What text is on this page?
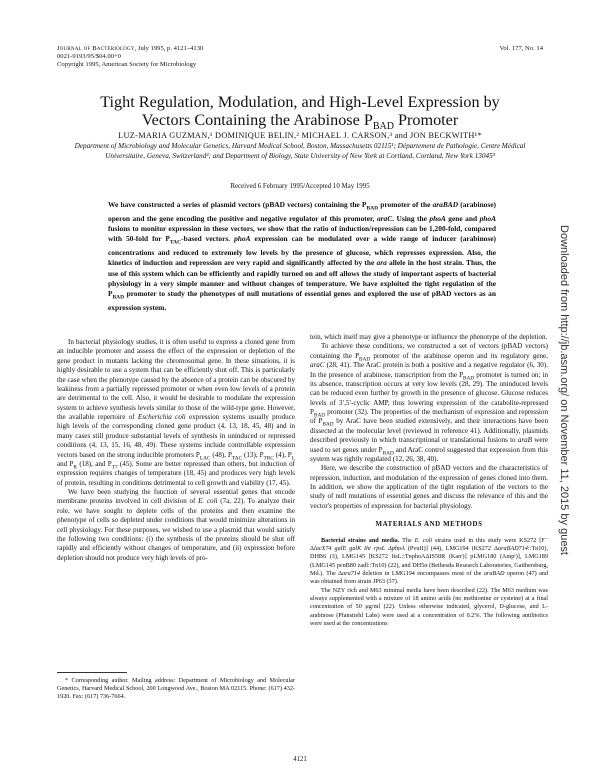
Journal of Bacteriology, July 1995, p. 4121–4130
0021-9193/95/$04.00+0
Copyright 1995, American Society for Microbiology
Vol. 177, No. 14
Tight Regulation, Modulation, and High-Level Expression by
Vectors Containing the Arabinose $P_{BAD}$ Promoter
LUZ-MARIA GUZMAN,¹ DOMINIQUE BELIN,² MICHAEL J. CARSON,³ and JON BECKWITH¹*
Department of Microbiology and Molecular Genetics, Harvard Medical School, Boston, Massachusetts 02115¹; Département de Pathologie, Centre Médical Universitaire, Geneva, Switzerland²; and Department of Biology, State University of New York at Cortland, Cortland, New York 13045³
Received 6 February 1995/Accepted 10 May 1995
We have constructed a series of plasmid vectors (pBAD vectors) containing the $P_{BAD}$ promoter of the araBAD (arabinose) operon and the gene encoding the positive and negative regulator of this promoter, araC. Using the phoA gene and phoA fusions to monitor expression in these vectors, we show that the ratio of induction/repression can be 1,200-fold, compared with 50-fold for $P_{TAC}$-based vectors. phoA expression can be modulated over a wide range of inducer (arabinose) concentrations and reduced to extremely low levels by the presence of glucose, which represses expression. Also, the kinetics of induction and repression are very rapid and significantly affected by the ara allele in the host strain. Thus, the use of this system which can be efficiently and rapidly turned on and off allows the study of important aspects of bacterial physiology in a very simple manner and without changes of temperature. We have exploited the tight regulation of the $P_{BAD}$ promoter to study the phenotypes of null mutations of essential genes and explored the use of pBAD vectors as an expression system.

In bacterial physiology studies, it is often useful to express a cloned gene from an inducible promoter and assess the effect of the expression or depletion of the gene product in mutants lacking the chromosomal gene. In these situations, it is highly desirable to use a system that can be efficiently shut off. This is particularly the case when the phenotype caused by the absence of a protein can be obscured by leakiness from a partially repressed promoter or when even low levels of a protein are detrimental to the cell. Also, it would be desirable to modulate the expression system to achieve synthesis levels similar to those of the wild-type gene. However, the available repertoire of Escherichia coli expression systems usually produce high levels of the corresponding cloned gene product (4, 13, 18, 45, 48) and in many cases still produce substantial levels of synthesis in uninduced or repressed conditions (4, 13, 15, 16, 48, 49). These systems include controllable expression vectors based on the strong inducible promoters $P_{LAC}$ (48), $P_{TAC}$ (13), $P_{TRC}$ (4), $P_L$ and $P_R$ (18), and $P_{T7}$ (45). Some are better repressed than others, but induction of expression requires changes of temperature (18, 45) and produces very high levels of protein, resulting in conditions detrimental to cell growth and viability (17, 45).

We have been studying the function of several essential genes that encode membrane proteins involved in cell division of E. coli (7a, 22). To analyze their role, we have sought to deplete cells of the proteins and then examine the phenotype of cells so depleted under conditions that would minimize alterations in cell physiology. For these purposes, we wished to use a plasmid that would satisfy the following two conditions: (i) the synthesis of the proteins should be shut off rapidly and efficiently without changes of temperature, and (ii) expression before depletion should not produce very high levels of pro-

tein, which itself may give a phenotype or influence the phenotype of the depletion.

To achieve these conditions, we constructed a set of vectors (pBAD vectors) containing the $P_{BAD}$ promoter of the arabinose operon and its regulatory gene, araC (28, 41). The AraC protein is both a positive and a negative regulator (6, 30). In the presence of arabinose, transcription from the $P_{BAD}$ promoter is turned on; in its absence, transcription occurs at very low levels (28, 29). The uninduced levels can be reduced even further by growth in the presence of glucose. Glucose reduces levels of 3′,5′-cyclic AMP, thus lowering expression of the catabolite-repressed $P_{BAD}$ promoter (32). The properties of the mechanism of expression and repression of $P_{BAD}$ by AraC have been studied extensively, and their interactions have been dissected at the molecular level (reviewed in reference 41). Additionally, plasmids described previously in which transcriptional or translational fusions to araB were used to set genes under $P_{BAD}$ and AraC control suggested that expression from this system was tightly regulated (12, 26, 38, 40).

Here, we describe the construction of pBAD vectors and the characteristics of repression, induction, and modulation of the expression of genes cloned into them. In addition, we show the application of the tight regulation of the vectors to the study of null mutations of essential genes and discuss the relevance of this and the vector's properties of expression for bacterial physiology.

MATERIALS AND METHODS

Bacterial strains and media. The E. coli strains used in this study were KS272 [F⁻ ΔlacX74 galE galK thi rpsL ΔphoA (PvuII)] (44), LMG194 (KS272 ΔaraBAD714::Tn10), DHB6 (3), LMG145 [KS272 ftsL::TnphoAΔIS50R (Kanˢ)] pLMG180 (Ampʳ)], LMG189 (LMG145 pcnB80 zadl::Tn10) (22), and DH5α (Bethesda Research Laboratories, Gaithersburg, Md.). The Δara714 deletion in LMG194 encompasses most of the araBAD operon (47) and was obtained from strain JP63 (37).

The NZY rich and M63 minimal media have been described (22). The M63 medium was always supplemented with a mixture of 18 amino acids (no methionine or cysteine) at a final concentration of 50 µg/ml (22). Unless otherwise indicated, glycerol, D-glucose, and L-arabinose (Pfanstiehl Labs) were used at a concentration of 0.2%. The following antibiotics were used at the concentrations

* Corresponding author. Mailing address: Department of Microbiology and Molecular Genetics, Harvard Medical School, 200 Longwood Ave., Boston MA 02115. Phone: (617) 432-1920. Fax: (617) 736-7664.

4121
Downloaded from http://jb.asm.org/ on November 11, 2015 by guest
